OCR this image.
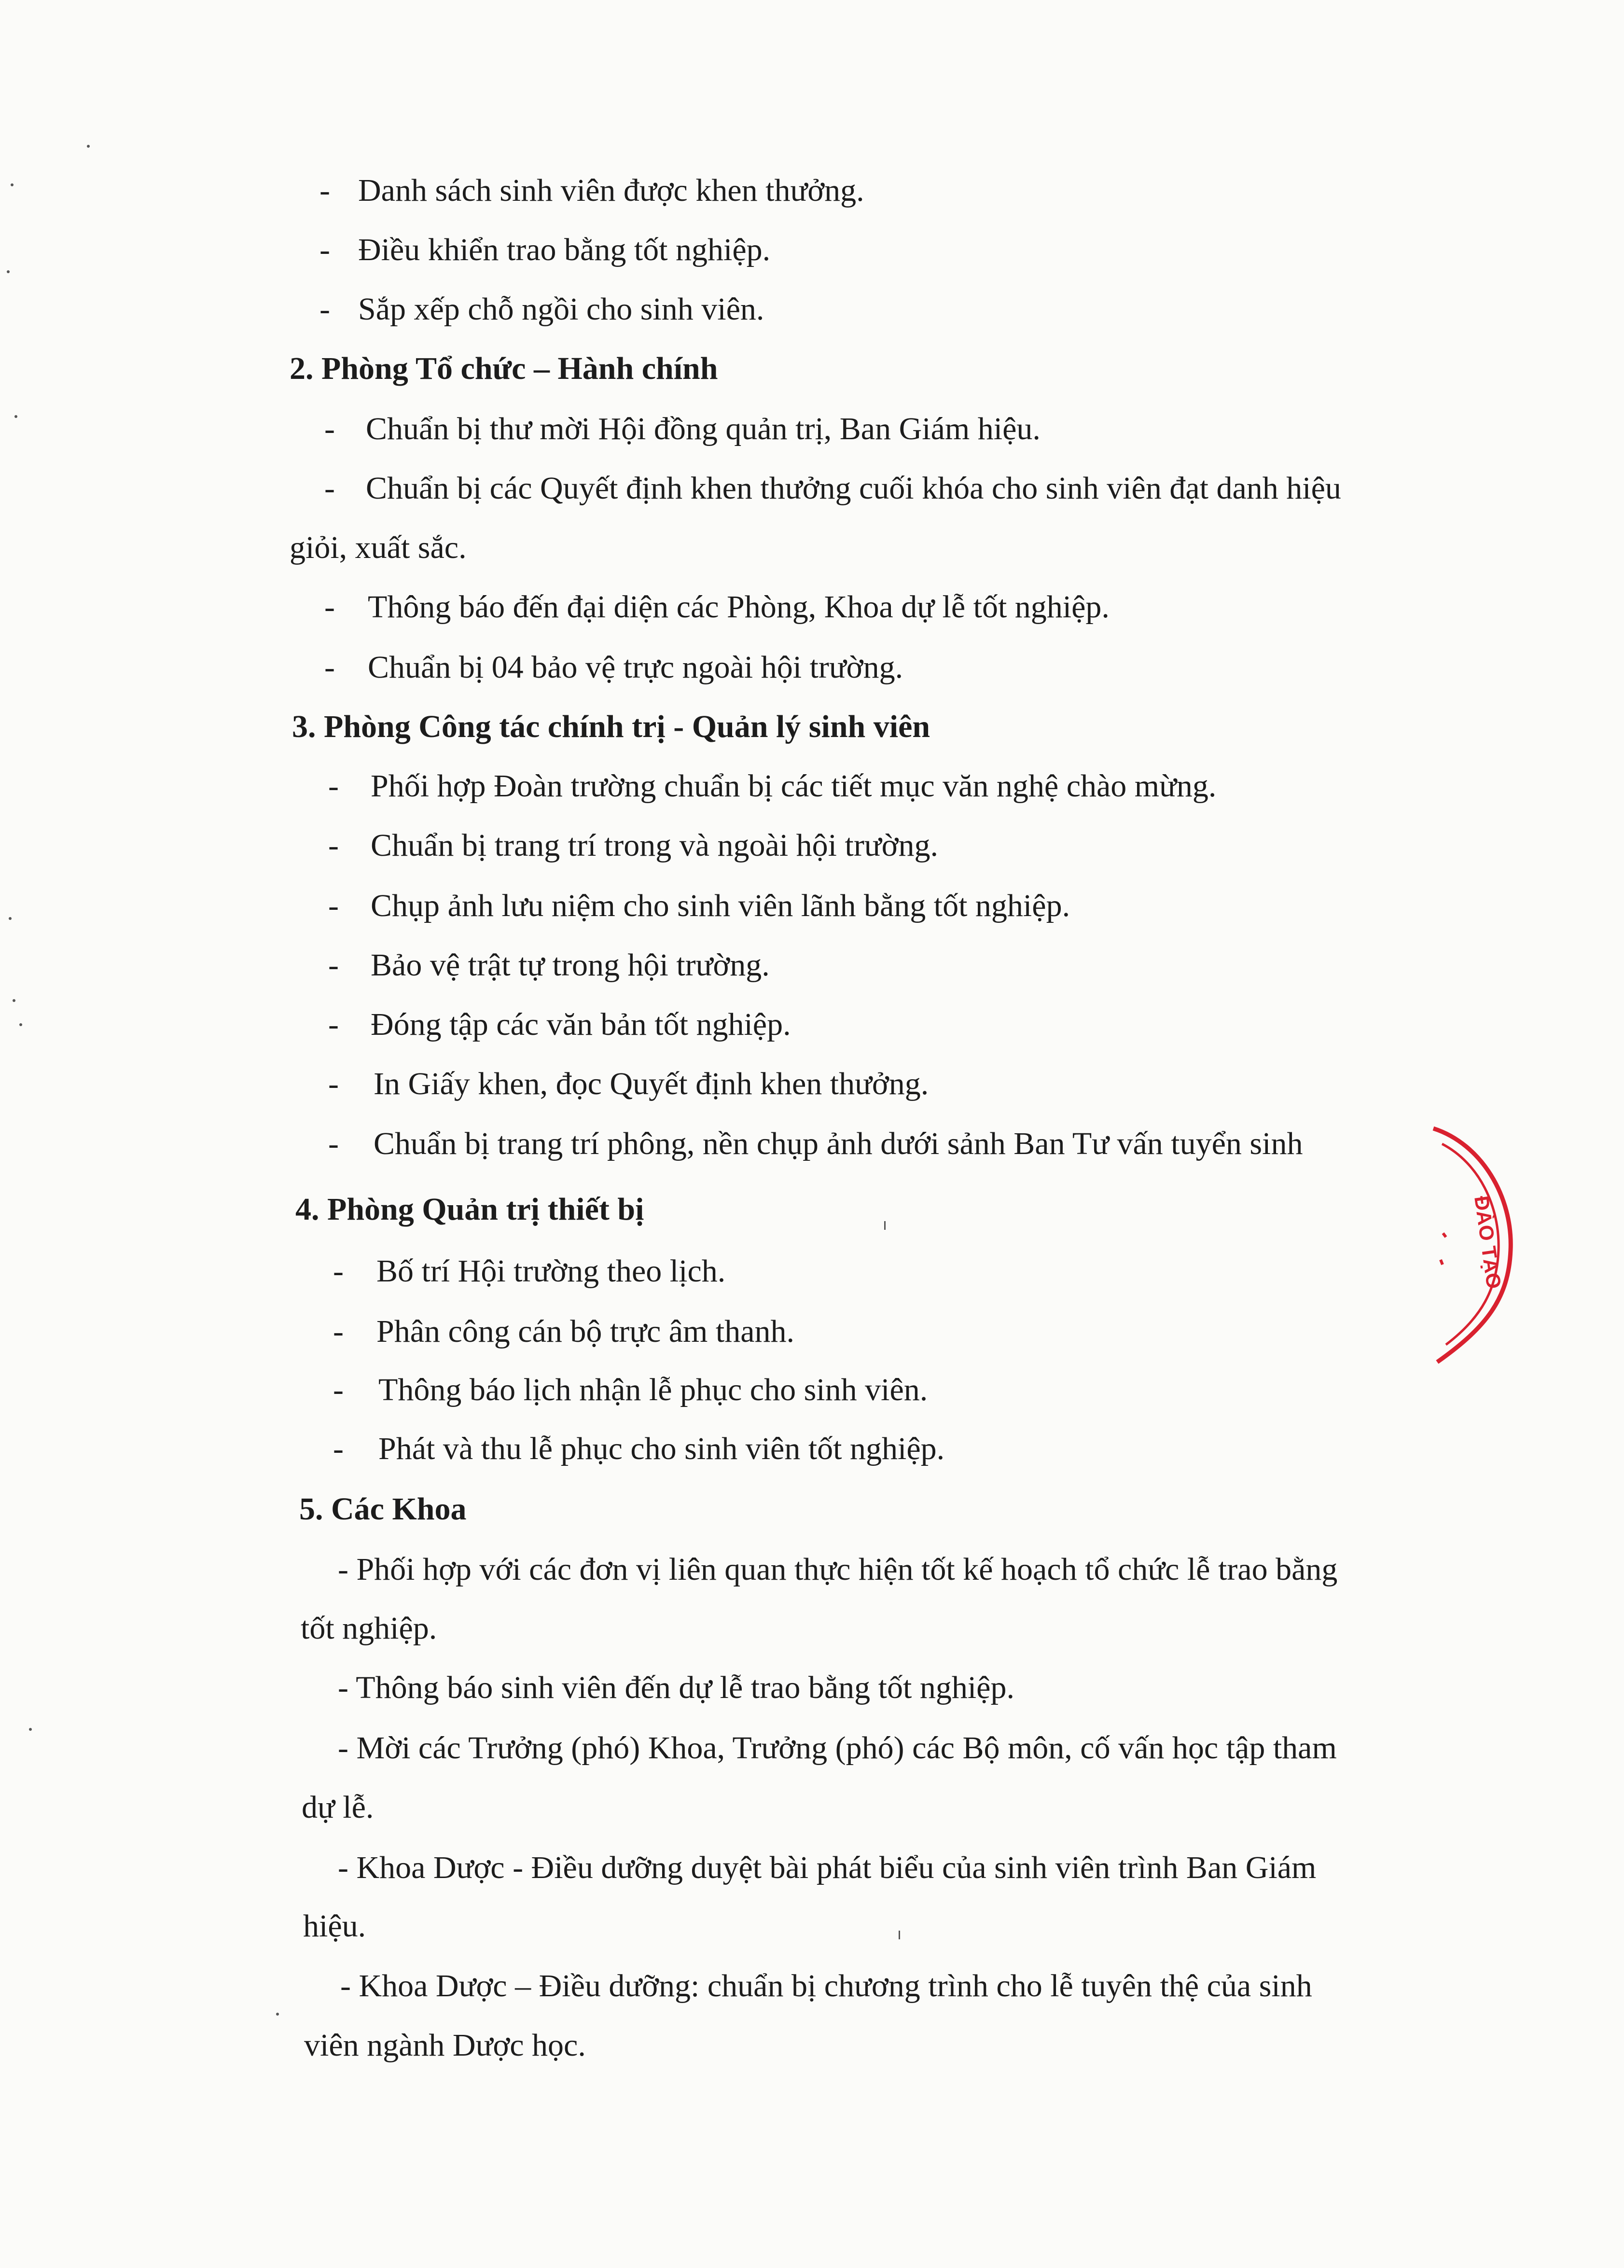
- Danh sách sinh viên được khen thưởng.
- Điều khiển trao bằng tốt nghiệp.
- Sắp xếp chỗ ngồi cho sinh viên.
2. Phòng Tổ chức – Hành chính
- Chuẩn bị thư mời Hội đồng quản trị, Ban Giám hiệu.
- Chuẩn bị các Quyết định khen thưởng cuối khóa cho sinh viên đạt danh hiệu
giỏi, xuất sắc.
- Thông báo đến đại diện các Phòng, Khoa dự lễ tốt nghiệp.
- Chuẩn bị 04 bảo vệ trực ngoài hội trường.
3. Phòng Công tác chính trị - Quản lý sinh viên
- Phối hợp Đoàn trường chuẩn bị các tiết mục văn nghệ chào mừng.
- Chuẩn bị trang trí trong và ngoài hội trường.
- Chụp ảnh lưu niệm cho sinh viên lãnh bằng tốt nghiệp.
- Bảo vệ trật tự trong hội trường.
- Đóng tập các văn bản tốt nghiệp.
- In Giấy khen, đọc Quyết định khen thưởng.
- Chuẩn bị trang trí phông, nền chụp ảnh dưới sảnh Ban Tư vấn tuyển sinh
4. Phòng Quản trị thiết bị
- Bố trí Hội trường theo lịch.
- Phân công cán bộ trực âm thanh.
- Thông báo lịch nhận lễ phục cho sinh viên.
- Phát và thu lễ phục cho sinh viên tốt nghiệp.
5. Các Khoa
- Phối hợp với các đơn vị liên quan thực hiện tốt kế hoạch tổ chức lễ trao bằng
tốt nghiệp.
- Thông báo sinh viên đến dự lễ trao bằng tốt nghiệp.
- Mời các Trưởng (phó) Khoa, Trưởng (phó) các Bộ môn, cố vấn học tập tham
dự lễ.
- Khoa Dược - Điều dưỡng duyệt bài phát biểu của sinh viên trình Ban Giám
hiệu.
- Khoa Dược – Điều dưỡng: chuẩn bị chương trình cho lễ tuyên thệ của sinh
viên ngành Dược học.
ĐÀO TẠO
